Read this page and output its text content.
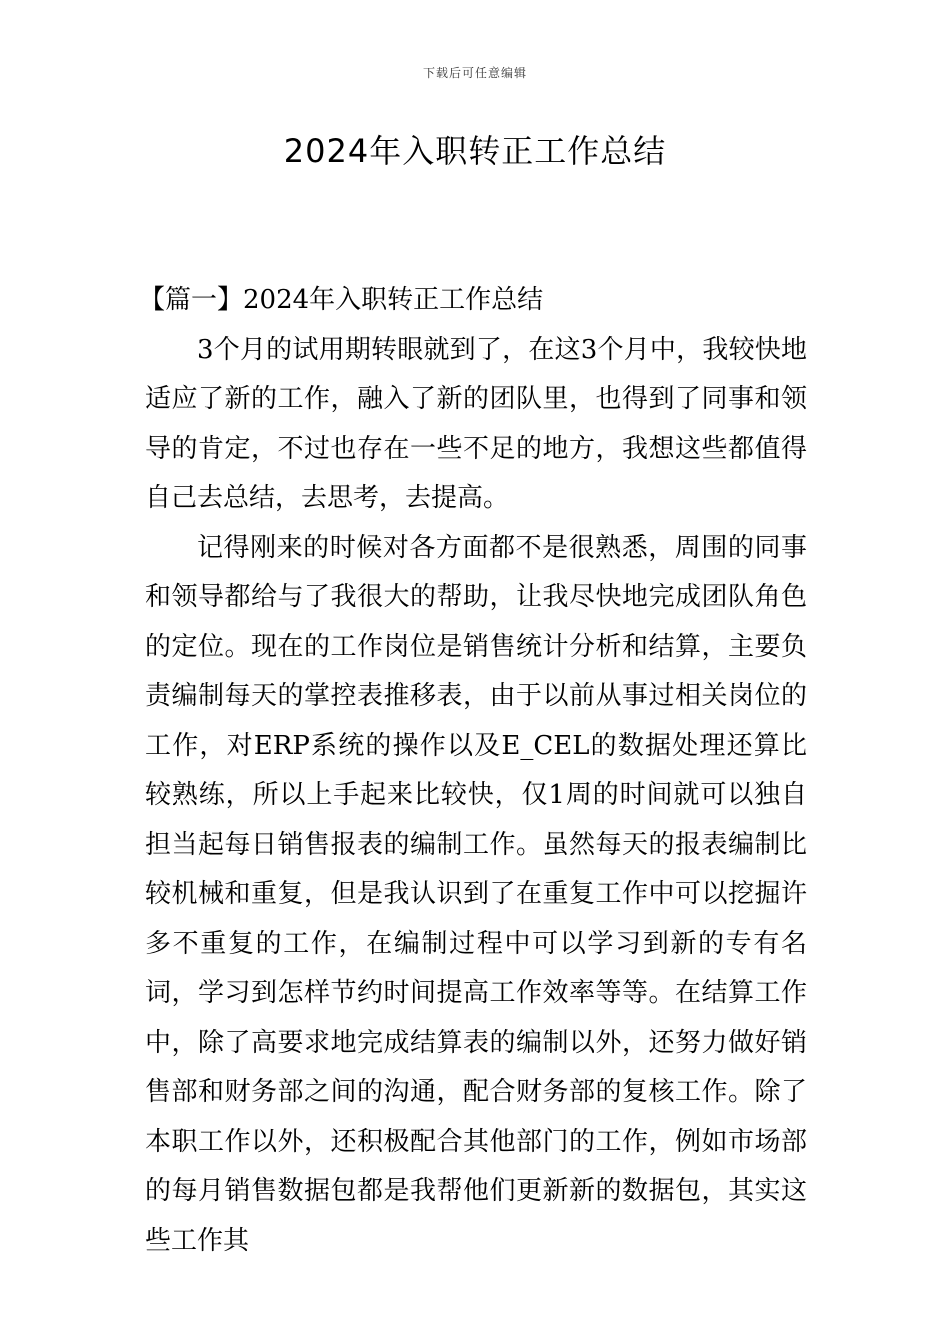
下载后可任意编辑
2024年入职转正工作总结

【篇一】2024年入职转正工作总结

3个月的试用期转眼就到了，在这3个月中，我较快地适应了新的工作，融入了新的团队里，也得到了同事和领导的肯定，不过也存在一些不足的地方，我想这些都值得自己去总结，去思考，去提高。

记得刚来的时候对各方面都不是很熟悉，周围的同事和领导都给与了我很大的帮助，让我尽快地完成团队角色的定位。现在的工作岗位是销售统计分析和结算，主要负责编制每天的掌控表推移表，由于以前从事过相关岗位的工作，对ERP系统的操作以及E_CEL的数据处理还算比较熟练，所以上手起来比较快，仅1周的时间就可以独自担当起每日销售报表的编制工作。虽然每天的报表编制比较机械和重复，但是我认识到了在重复工作中可以挖掘许多不重复的工作，在编制过程中可以学习到新的专有名词，学习到怎样节约时间提高工作效率等等。在结算工作中，除了高要求地完成结算表的编制以外，还努力做好销售部和财务部之间的沟通，配合财务部的复核工作。除了本职工作以外，还积极配合其他部门的工作，例如市场部的每月销售数据包都是我帮他们更新新的数据包，其实这些工作其
